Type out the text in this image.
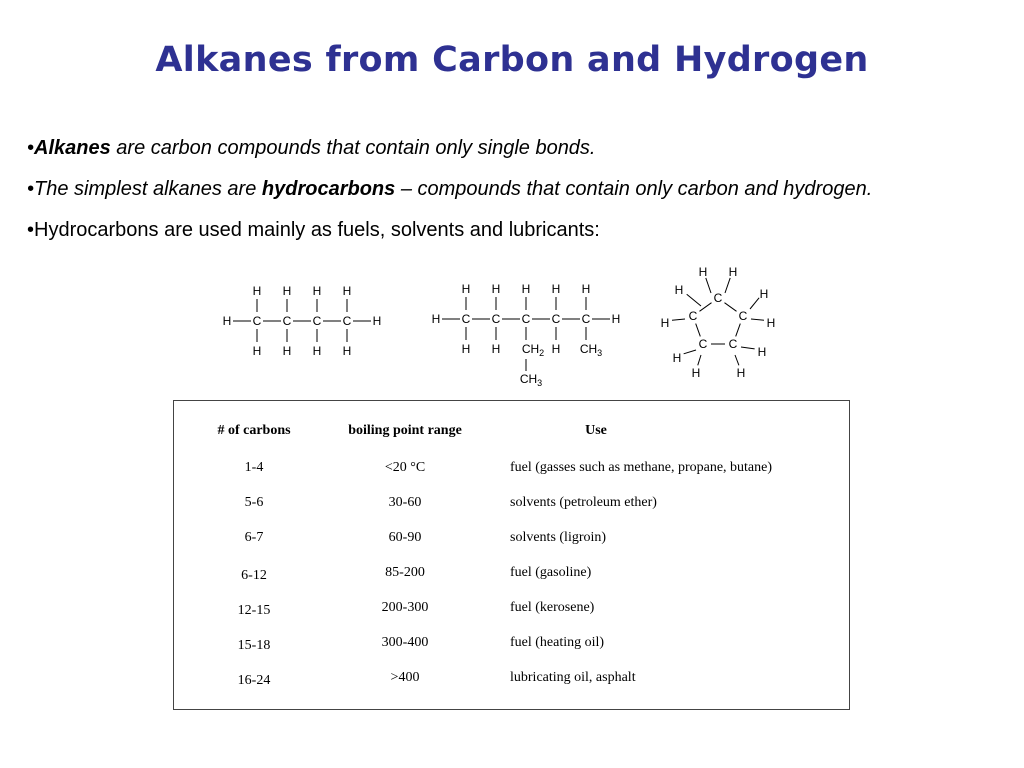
Alkanes from Carbon and Hydrogen
•Alkanes are carbon compounds that contain only single bonds.
•The simplest alkanes are hydrocarbons – compounds that contain only carbon and hydrogen.
•Hydrocarbons are used mainly as fuels, solvents and lubricants:
H	H
C
H
H
C
H
H
C
H
H
C
H
H
H	H
C
H
C
H
C
H
C
H
C
H
H H $CH_2$ H $CH_3$
$CH_3$
C
C
C
C
C
H H
H
H
H
H
H
H
H
H
# of carbons	boiling point range	Use
1-4	<20 °C	fuel (gasses such as methane, propane, butane)
5-6	30-60	solvents (petroleum ether)
6-7	60-90	solvents (ligroin)
6-12	85-200	fuel (gasoline)
12-15	200-300	fuel (kerosene)
15-18	300-400	fuel (heating oil)
16-24	>400	lubricating oil, asphalt
